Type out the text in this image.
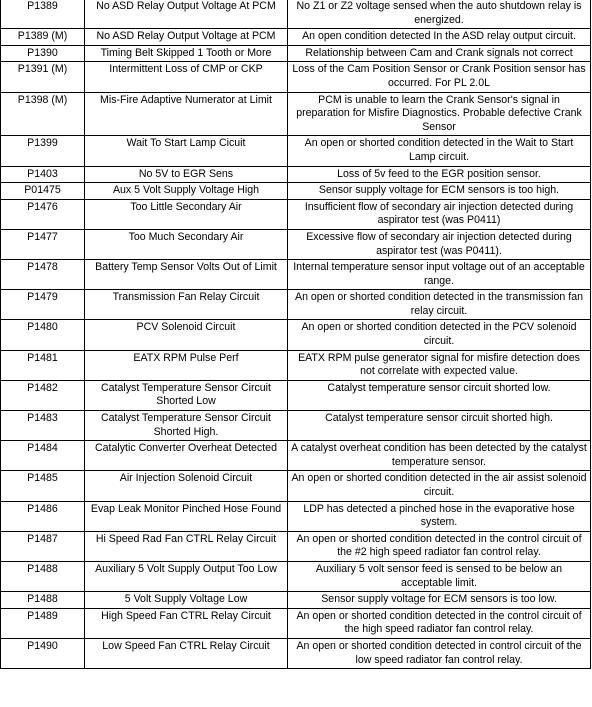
P1389	No ASD Relay Output Voltage At PCM	No Z1 or Z2 voltage sensed when the auto shutdown relay is energized.
P1389 (M)	No ASD Relay Output Voltage at PCM	An open condition detected In the ASD relay output circuit.
P1390	Timing Belt Skipped 1 Tooth or More	Relationship between Cam and Crank signals not correct
P1391 (M)	Intermittent Loss of CMP or CKP	Loss of the Cam Position Sensor or Crank Position sensor has occurred. For PL 2.0L
P1398 (M)	Mis-Fire Adaptive Numerator at Limit	PCM is unable to learn the Crank Sensor's signal in preparation for Misfire Diagnostics. Probable defective Crank Sensor
P1399	Wait To Start Lamp Cicuit	An open or shorted condition detected in the Wait to Start Lamp circuit.
P1403	No 5V to EGR Sens	Loss of 5v feed to the EGR position sensor.
P01475	Aux 5 Volt Supply Voltage High	Sensor supply voltage for ECM sensors is too high.
P1476	Too Little Secondary Air	Insufficient flow of secondary air injection detected during aspirator test (was P0411)
P1477	Too Much Secondary Air	Excessive flow of secondary air injection detected during aspirator test (was P0411).
P1478	Battery Temp Sensor Volts Out of Limit	Internal temperature sensor input voltage out of an acceptable range.
P1479	Transmission Fan Relay Circuit	An open or shorted condition detected in the transmission fan relay circuit.
P1480	PCV Solenoid Circuit	An open or shorted condition detected in the PCV solenoid circuit.
P1481	EATX RPM Pulse Perf	EATX RPM pulse generator signal for misfire detection does not correlate with expected value.
P1482	Catalyst Temperature Sensor Circuit Shorted Low	Catalyst temperature sensor circuit shorted low.
P1483	Catalyst Temperature Sensor Circuit Shorted High.	Catalyst temperature sensor circuit shorted high.
P1484	Catalytic Converter Overheat Detected	A catalyst overheat condition has been detected by the catalyst temperature sensor.
P1485	Air Injection Solenoid Circuit	An open or shorted condition detected in the air assist solenoid circuit.
P1486	Evap Leak Monitor Pinched Hose Found	LDP has detected a pinched hose in the evaporative hose system.
P1487	Hi Speed Rad Fan CTRL Relay Circuit	An open or shorted condition detected in the control circuit of the #2 high speed radiator fan control relay.
P1488	Auxiliary 5 Volt Supply Output Too Low	Auxiliary 5 volt sensor feed is sensed to be below an acceptable limit.
P1488	5 Volt Supply Voltage Low	Sensor supply voltage for ECM sensors is too low.
P1489	High Speed Fan CTRL Relay Circuit	An open or shorted condition detected in the control circuit of the high speed radiator fan control relay.
P1490	Low Speed Fan CTRL Relay Circuit	An open or shorted condition detected in control circuit of the low speed radiator fan control relay.
